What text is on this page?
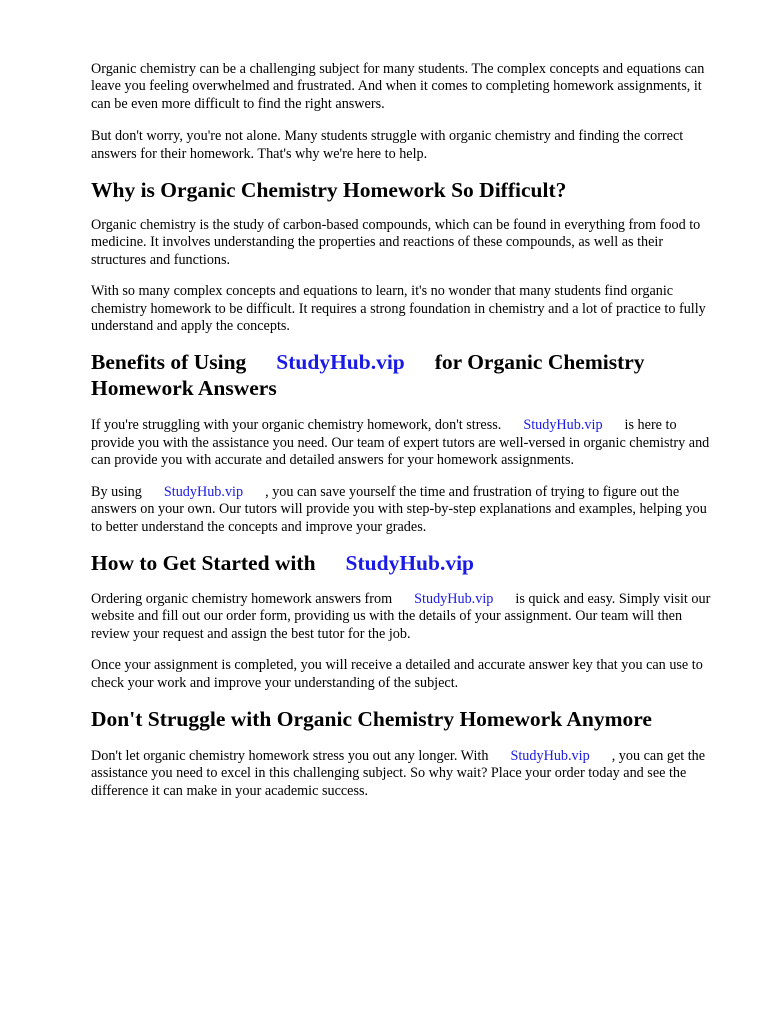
Organic chemistry can be a challenging subject for many students. The complex concepts and equations can leave you feeling overwhelmed and frustrated. And when it comes to completing homework assignments, it can be even more difficult to find the right answers.

But don't worry, you're not alone. Many students struggle with organic chemistry and finding the correct answers for their homework. That's why we're here to help.

Why is Organic Chemistry Homework So Difficult?

Organic chemistry is the study of carbon-based compounds, which can be found in everything from food to medicine. It involves understanding the properties and reactions of these compounds, as well as their structures and functions.

With so many complex concepts and equations to learn, it's no wonder that many students find organic chemistry homework to be difficult. It requires a strong foundation in chemistry and a lot of practice to fully understand and apply the concepts.

Benefits of Using StudyHub.vip for Organic Chemistry Homework Answers

If you're struggling with your organic chemistry homework, don't stress. StudyHub.vip is here to provide you with the assistance you need. Our team of expert tutors are well-versed in organic chemistry and can provide you with accurate and detailed answers for your homework assignments.

By using StudyHub.vip , you can save yourself the time and frustration of trying to figure out the answers on your own. Our tutors will provide you with step-by-step explanations and examples, helping you to better understand the concepts and improve your grades.

How to Get Started with StudyHub.vip

Ordering organic chemistry homework answers from StudyHub.vip is quick and easy. Simply visit our website and fill out our order form, providing us with the details of your assignment. Our team will then review your request and assign the best tutor for the job.

Once your assignment is completed, you will receive a detailed and accurate answer key that you can use to check your work and improve your understanding of the subject.

Don't Struggle with Organic Chemistry Homework Anymore

Don't let organic chemistry homework stress you out any longer. With StudyHub.vip , you can get the assistance you need to excel in this challenging subject. So why wait? Place your order today and see the difference it can make in your academic success.
